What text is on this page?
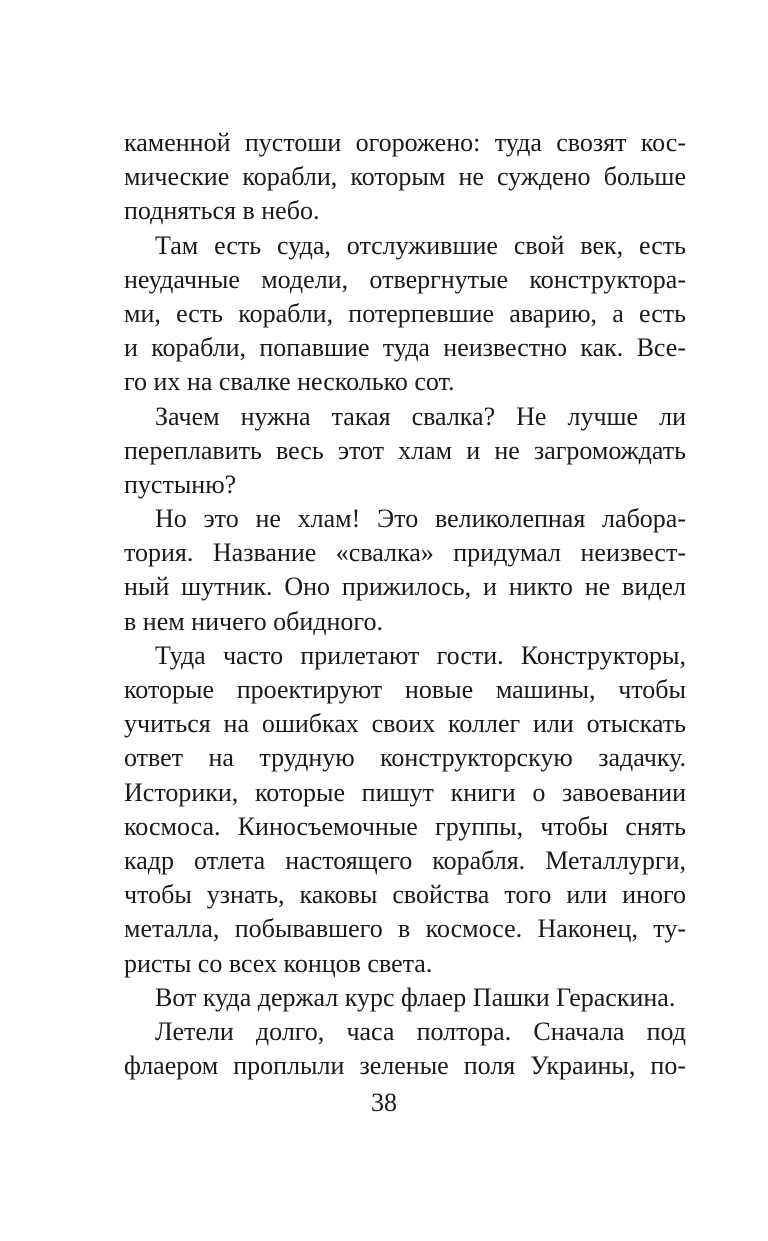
каменной пустоши огорожено: туда свозят кос-
мические корабли, которым не суждено больше
подняться в небо.
Там есть суда, отслужившие свой век, есть
неудачные модели, отвергнутые конструктора-
ми, есть корабли, потерпевшие аварию, а есть
и корабли, попавшие туда неизвестно как. Все-
го их на свалке несколько сот.
Зачем нужна такая свалка? Не лучше ли
переплавить весь этот хлам и не загромождать
пустыню?
Но это не хлам! Это великолепная лабора-
тория. Название «свалка» придумал неизвест-
ный шутник. Оно прижилось, и никто не видел
в нем ничего обидного.
Туда часто прилетают гости. Конструкторы,
которые проектируют новые машины, чтобы
учиться на ошибках своих коллег или отыскать
ответ на трудную конструкторскую задачку.
Историки, которые пишут книги о завоевании
космоса. Киносъемочные группы, чтобы снять
кадр отлета настоящего корабля. Металлурги,
чтобы узнать, каковы свойства того или иного
металла, побывавшего в космосе. Наконец, ту-
ристы со всех концов света.
Вот куда держал курс флаер Пашки Гераскина.
Летели долго, часа полтора. Сначала под
флаером проплыли зеленые поля Украины, по-
38
